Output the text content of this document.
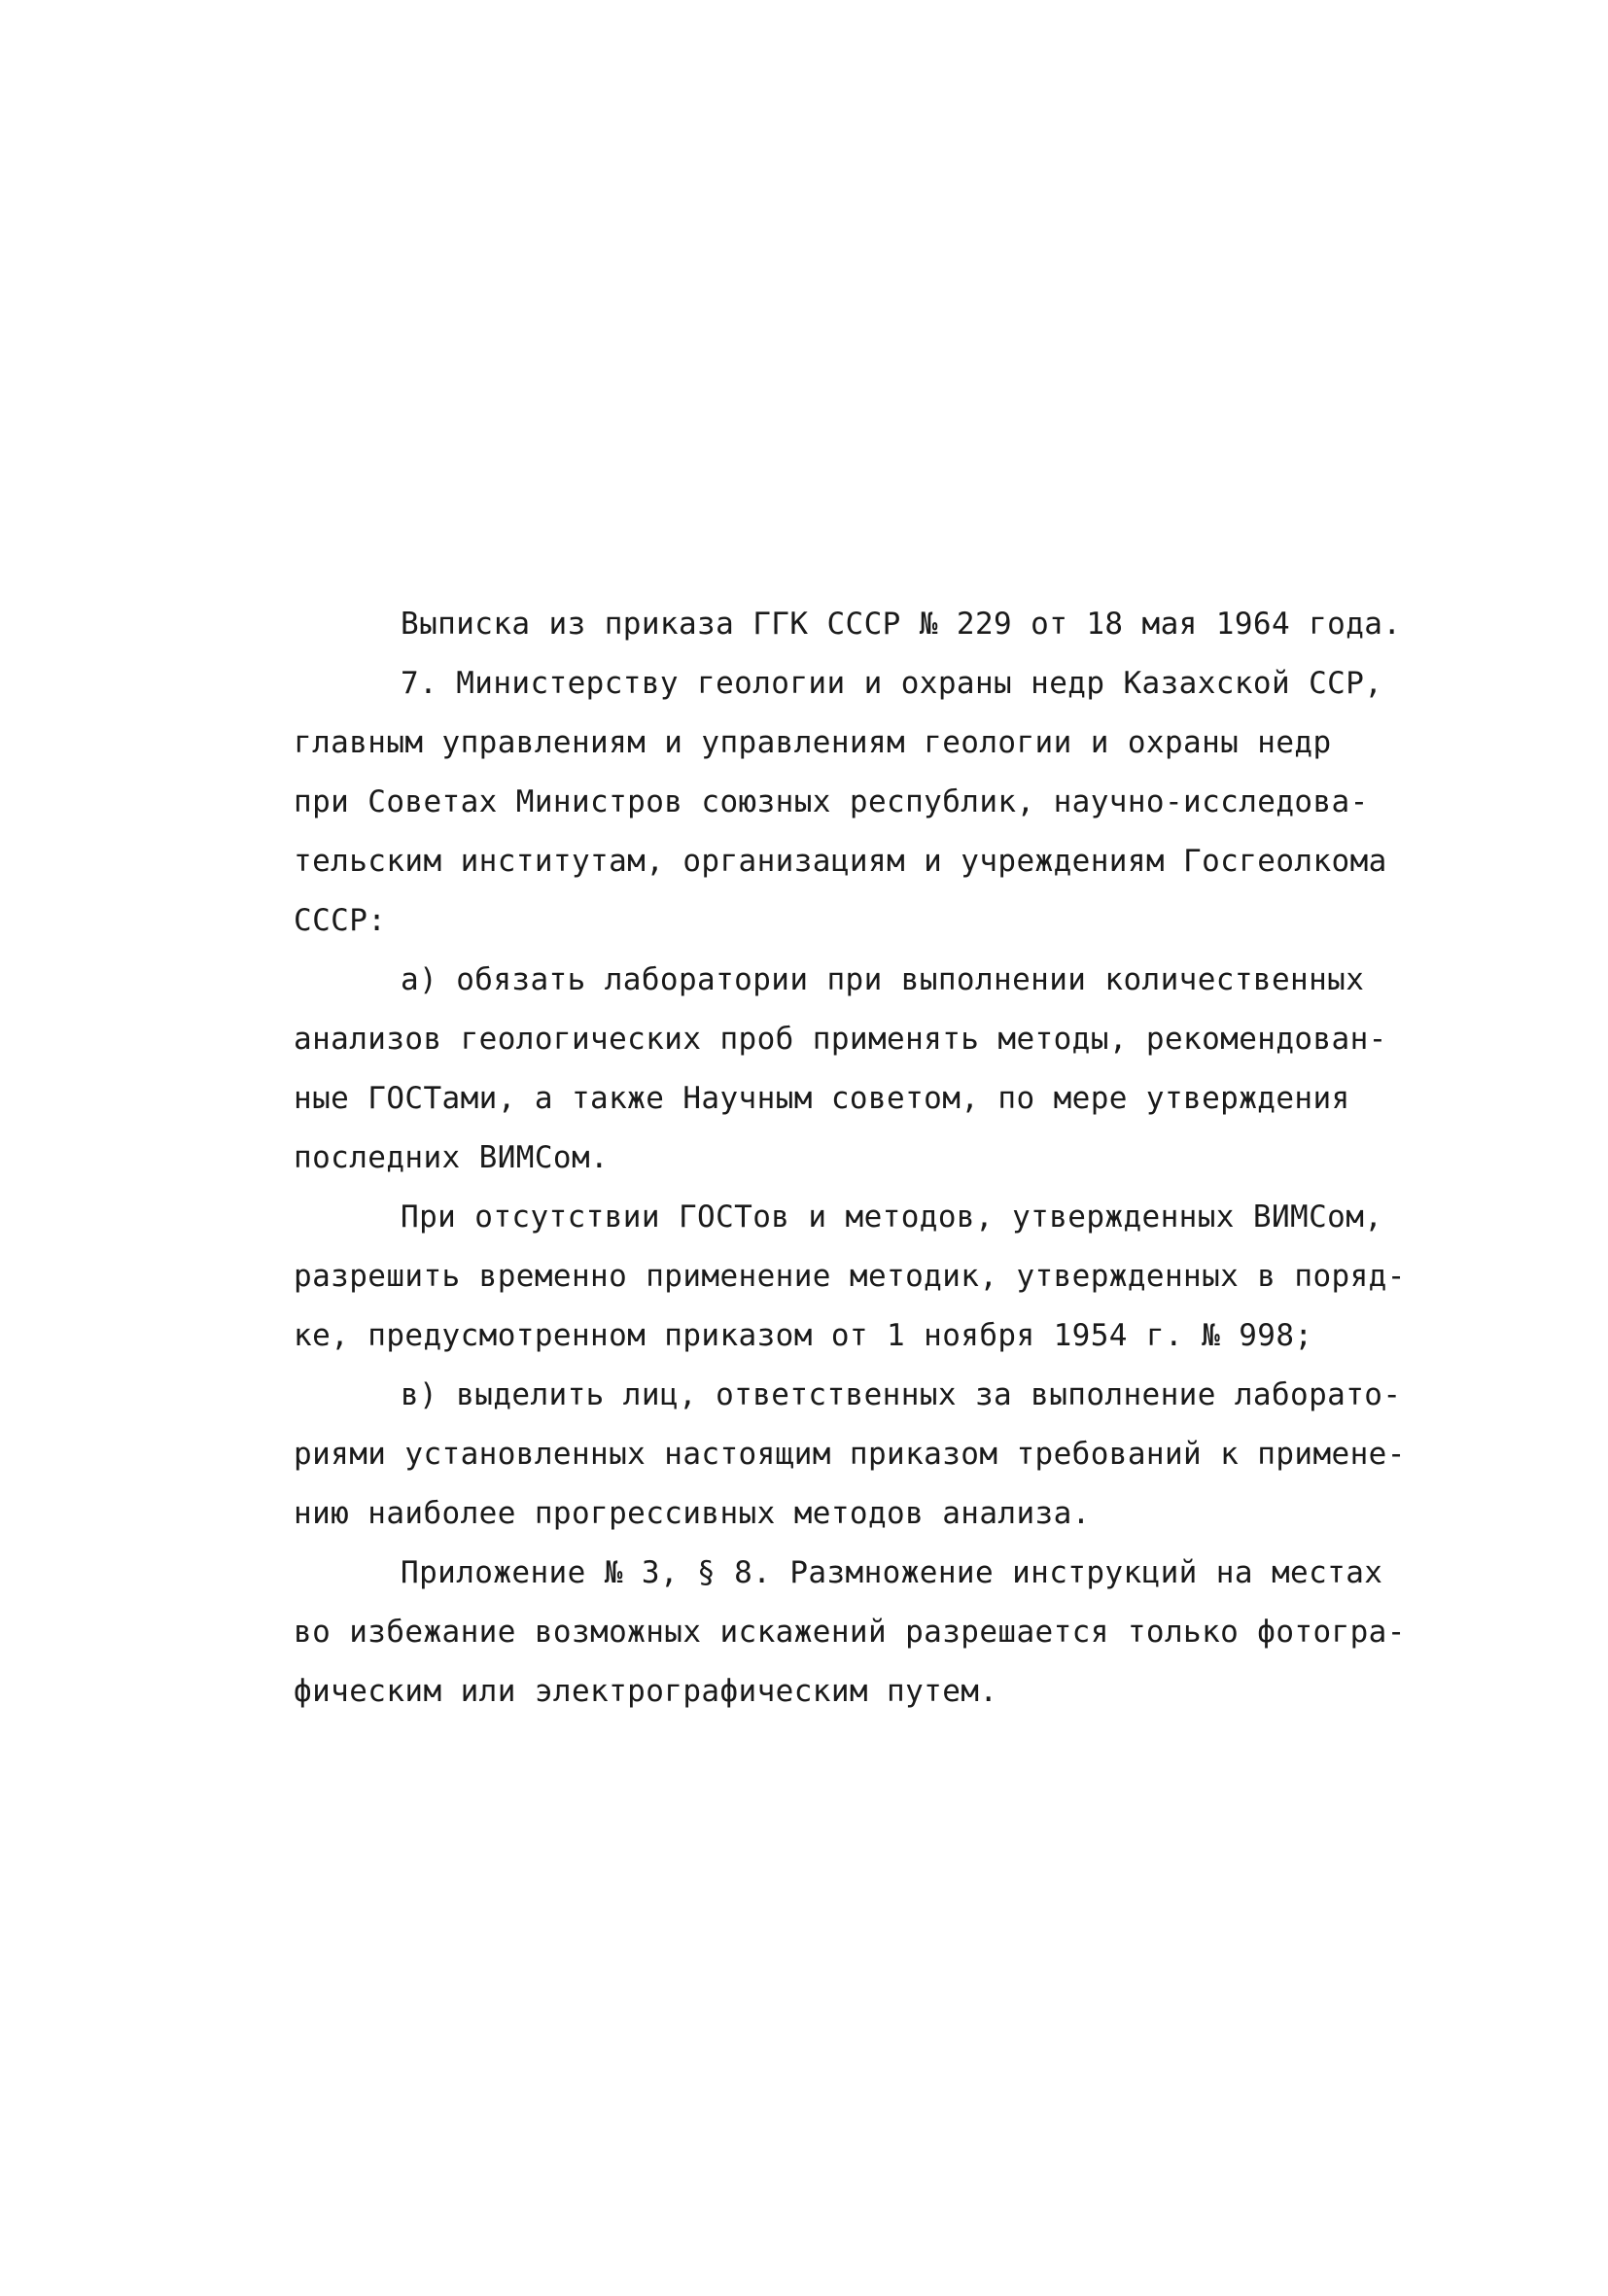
Выписка из приказа ГГК СССР № 229 от 18 мая 1964 года.
7. Министерству геологии и охраны недр Казахской ССР,
главным управлениям и управлениям геологии и охраны недр
при Советах Министров союзных республик, научно-исследова-
тельским институтам, организациям и учреждениям Госгеолкома
СССР:
а) обязать лаборатории при выполнении количественных
анализов геологических проб применять методы, рекомендован-
ные ГОСТами, а также Научным советом, по мере утверждения
последних ВИМСом.
При отсутствии ГОСТов и методов, утвержденных ВИМСом,
разрешить временно применение методик, утвержденных в поряд-
ке, предусмотренном приказом от 1 ноября 1954 г. № 998;
в) выделить лиц, ответственных за выполнение лаборато-
риями установленных настоящим приказом требований к примене-
нию наиболее прогрессивных методов анализа.
Приложение № 3, § 8. Размножение инструкций на местах
во избежание возможных искажений разрешается только фотогра-
фическим или электрографическим путем.
